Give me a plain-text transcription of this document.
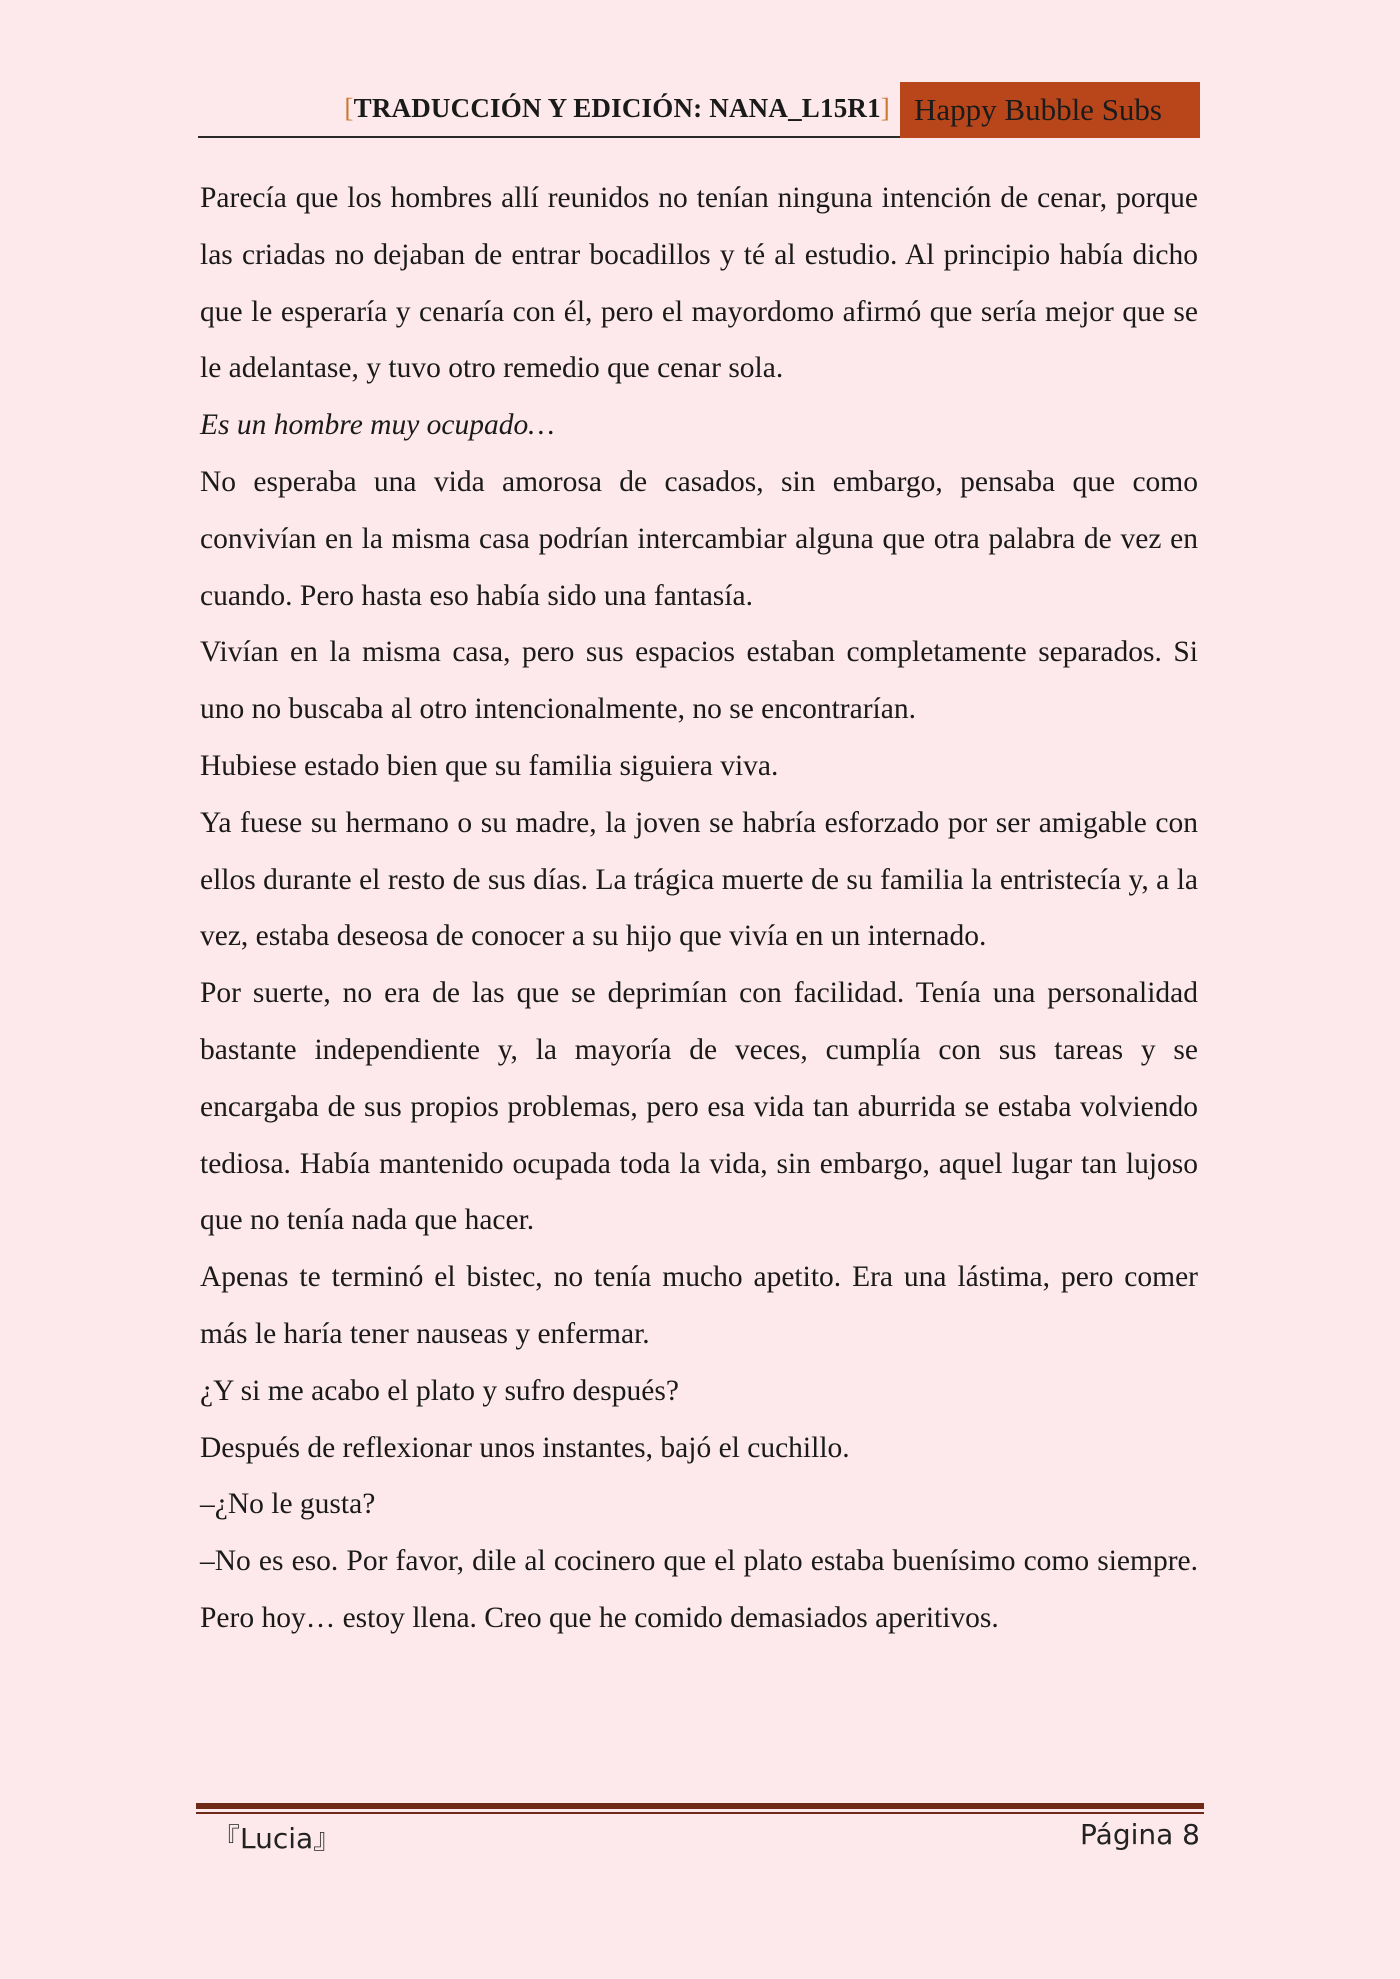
[TRADUCCIÓN Y EDICIÓN: NANA_L15R1] Happy Bubble Subs

Parecía que los hombres allí reunidos no tenían ninguna intención de cenar, porque las criadas no dejaban de entrar bocadillos y té al estudio. Al principio había dicho que le esperaría y cenaría con él, pero el mayordomo afirmó que sería mejor que se le adelantase, y tuvo otro remedio que cenar sola.

Es un hombre muy ocupado…

No esperaba una vida amorosa de casados, sin embargo, pensaba que como convivían en la misma casa podrían intercambiar alguna que otra palabra de vez en cuando. Pero hasta eso había sido una fantasía.

Vivían en la misma casa, pero sus espacios estaban completamente separados. Si uno no buscaba al otro intencionalmente, no se encontrarían.

Hubiese estado bien que su familia siguiera viva.

Ya fuese su hermano o su madre, la joven se habría esforzado por ser amigable con ellos durante el resto de sus días. La trágica muerte de su familia la entristecía y, a la vez, estaba deseosa de conocer a su hijo que vivía en un internado.

Por suerte, no era de las que se deprimían con facilidad. Tenía una personalidad bastante independiente y, la mayoría de veces, cumplía con sus tareas y se encargaba de sus propios problemas, pero esa vida tan aburrida se estaba volviendo tediosa. Había mantenido ocupada toda la vida, sin embargo, aquel lugar tan lujoso que no tenía nada que hacer.

Apenas te terminó el bistec, no tenía mucho apetito. Era una lástima, pero comer más le haría tener nauseas y enfermar.

¿Y si me acabo el plato y sufro después?

Después de reflexionar unos instantes, bajó el cuchillo.

–¿No le gusta?

–No es eso. Por favor, dile al cocinero que el plato estaba buenísimo como siempre. Pero hoy… estoy llena. Creo que he comido demasiados aperitivos.

『Lucia』	Página 8
